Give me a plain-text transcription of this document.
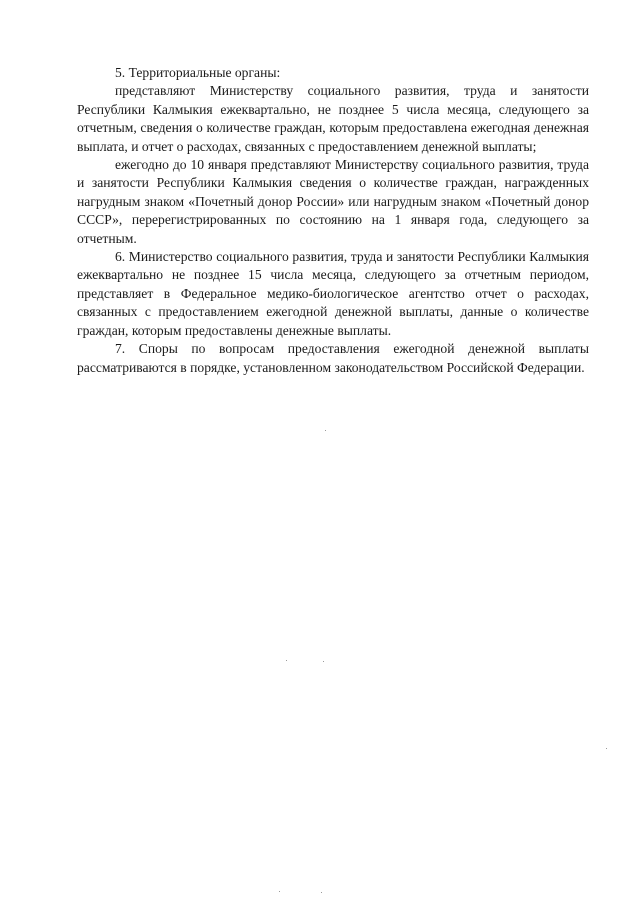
5. Территориальные органы:

представляют Министерству социального развития, труда и занятости Республики Калмыкия ежеквартально, не позднее 5 числа месяца, следующего за отчетным, сведения о количестве граждан, которым предоставлена ежегодная денежная выплата, и отчет о расходах, связанных с предоставлением денежной выплаты;

ежегодно до 10 января представляют Министерству социального развития, труда и занятости Республики Калмыкия сведения о количестве граждан, награжденных нагрудным знаком «Почетный донор России» или нагрудным знаком «Почетный донор СССР», перерегистрированных по состоянию на 1 января года, следующего за отчетным.

6. Министерство социального развития, труда и занятости Республики Калмыкия ежеквартально не позднее 15 числа месяца, следующего за отчетным периодом, представляет в Федеральное медико-биологическое агентство отчет о расходах, связанных с предоставлением ежегодной денежной выплаты, данные о количестве граждан, которым предоставлены денежные выплаты.

7. Споры по вопросам предоставления ежегодной денежной выплаты рассматриваются в порядке, установленном законодательством Российской Федерации.
